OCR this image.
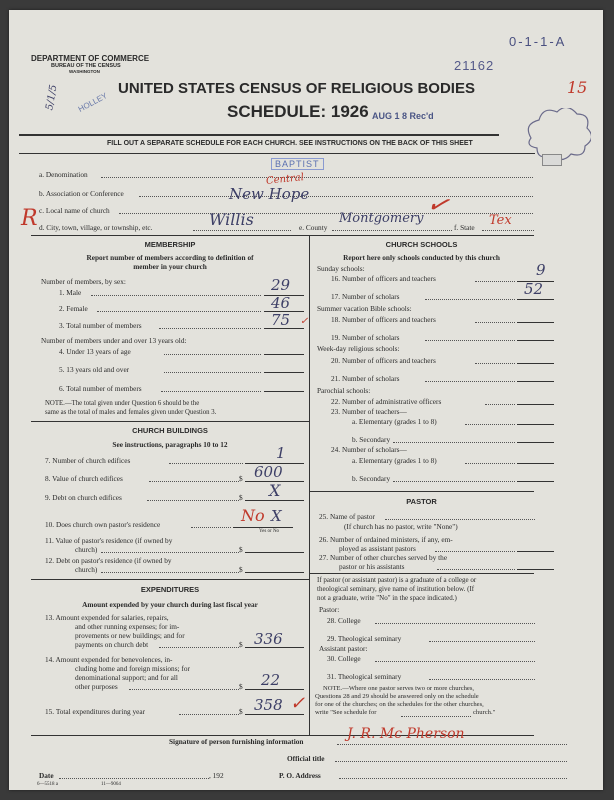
DEPARTMENT OF COMMERCE
BUREAU OF THE CENSUS
WASHINGTON	21162
0-1-1-A
15
HOLLEY
5/1/5	UNITED STATES CENSUS OF RELIGIOUS BODIES
SCHEDULE: 1926 AUG 1 8 Rec'd
FILL OUT A SEPARATE SCHEDULE FOR EACH CHURCH. SEE INSTRUCTIONS ON THE BACK OF THIS SHEET
a. Denomination
BAPTIST
b. Association or Conference
Central
New Hope
c. Local name of church
R d. City, town, village, or township, etc.	Willis	e. County
Montgomery ✓
f. State Tex
MEMBERSHIP
Report number of members according to definition of
member in your church
Number of members, by sex:
1. Male	29
2. Female	46
3. Total number of members	75 ✓
Number of members under and over 13 years old:
4. Under 13 years of age
5. 13 years old and over
6. Total number of members
NOTE.—The total given under Question 6 should be the
same as the total of males and females given under Question 3.
CHURCH BUILDINGS
See instructions, paragraphs 10 to 12
7. Number of church edifices	1
8. Value of church edifices	$ 600
9. Debt on church edifices	$ X
10. Does church own pastor's residence	No X
Yes or No
11. Value of pastor's residence (if owned by
church)	$
12. Debt on pastor's residence (if owned by
church)	$
EXPENDITURES
Amount expended by your church during last fiscal year
13. Amount expended for salaries, repairs,
and other running expenses; for im-
provements or new buildings; and for
payments on church debt	$ 336
14. Amount expended for benevolences, in-
cluding home and foreign missions; for
denominational support; and for all
other purposes	$ 22
15. Total expenditures during year	$ 358 ✓
CHURCH SCHOOLS
Report here only schools conducted by this church
Sunday schools:
16. Number of officers and teachers	9
17. Number of scholars	52
Summer vacation Bible schools:
18. Number of officers and teachers
19. Number of scholars
Week-day religious schools:
20. Number of officers and teachers
21. Number of scholars
Parochial schools:
22. Number of administrative officers
23. Number of teachers—
a. Elementary (grades 1 to 8)
b. Secondary
24. Number of scholars—
a. Elementary (grades 1 to 8)
b. Secondary
PASTOR
25. Name of pastor
(If church has no pastor, write "None")
26. Number of ordained ministers, if any, em-
ployed as assistant pastors
27. Number of other churches served by the
pastor or his assistants
If pastor (or assistant pastor) is a graduate of a college or
theological seminary, give name of institution below. (If
not a graduate, write "No" in the space indicated.)
Pastor:
28. College
29. Theological seminary
Assistant pastor:
30. College
31. Theological seminary
NOTE.—Where one pastor serves two or more churches,
Questions 28 and 29 should be answered only on the schedule
for one of the churches; on the schedules for the other churches,
write "See schedule for	church."
Signature of person furnishing information	J. R. Mc Pherson
Official title
Date	, 192	P. O. Address
6—5518 a	11—9064
